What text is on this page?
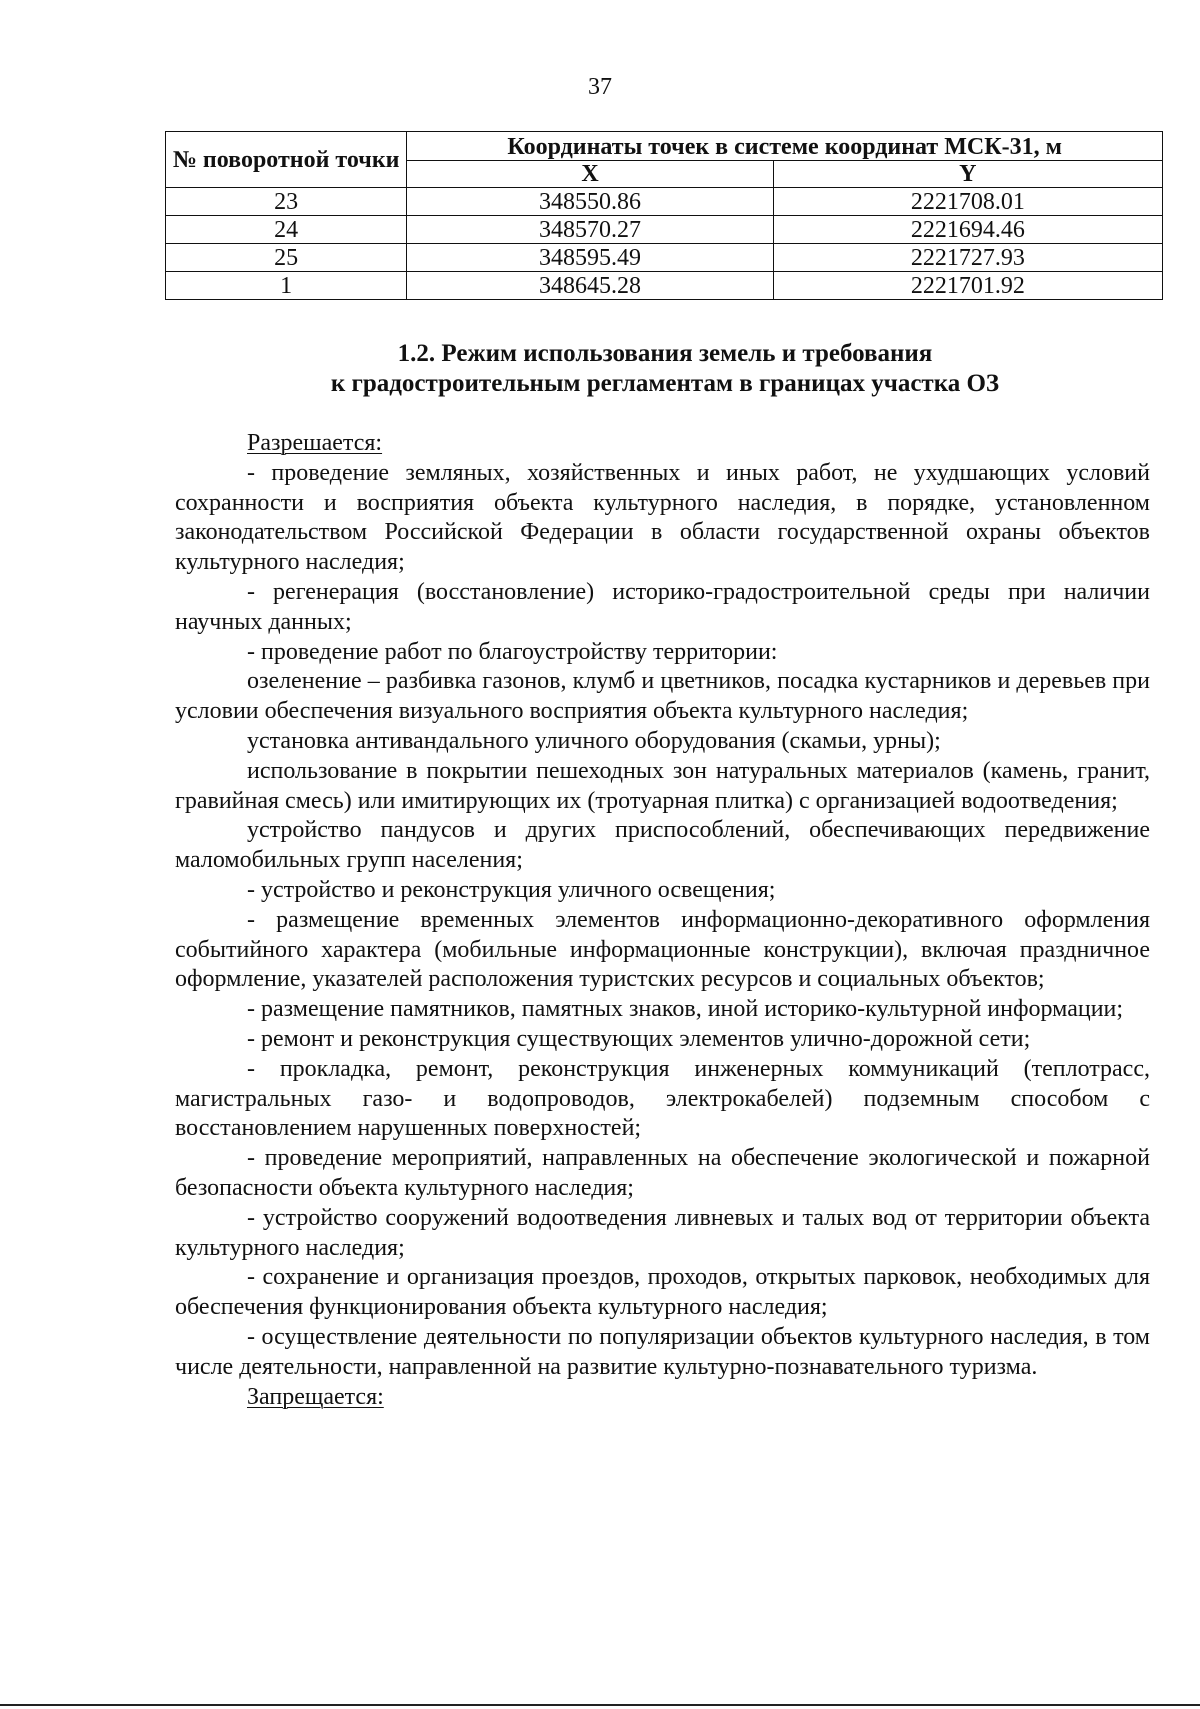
37
№ поворотной точки	Координаты точек в системе координат МСК-31, м	
	X	Y
23	348550.86	2221708.01
24	348570.27	2221694.46
25	348595.49	2221727.93
1	348645.28	2221701.92
1.2. Режим использования земель и требования
к градостроительным регламентам в границах участка ОЗ

Разрешается:

- проведение земляных, хозяйственных и иных работ, не ухудшающих условий сохранности и восприятия объекта культурного наследия, в порядке, установленном законодательством Российской Федерации в области государственной охраны объектов культурного наследия;

- регенерация (восстановление) историко-градостроительной среды при наличии научных данных;

- проведение работ по благоустройству территории:

озеленение – разбивка газонов, клумб и цветников, посадка кустарников и деревьев при условии обеспечения визуального восприятия объекта культурного наследия;

установка антивандального уличного оборудования (скамьи, урны);

использование в покрытии пешеходных зон натуральных материалов (камень, гранит, гравийная смесь) или имитирующих их (тротуарная плитка) с организацией водоотведения;

устройство пандусов и других приспособлений, обеспечивающих передвижение маломобильных групп населения;

- устройство и реконструкция уличного освещения;

- размещение временных элементов информационно-декоративного оформления событийного характера (мобильные информационные конструкции), включая праздничное оформление, указателей расположения туристских ресурсов и социальных объектов;

- размещение памятников, памятных знаков, иной историко-культурной информации;

- ремонт и реконструкция существующих элементов улично-дорожной сети;

- прокладка, ремонт, реконструкция инженерных коммуникаций (теплотрасс, магистральных газо- и водопроводов, электрокабелей) подземным способом с восстановлением нарушенных поверхностей;

- проведение мероприятий, направленных на обеспечение экологической и пожарной безопасности объекта культурного наследия;

- устройство сооружений водоотведения ливневых и талых вод от территории объекта культурного наследия;

- сохранение и организация проездов, проходов, открытых парковок, необходимых для обеспечения функционирования объекта культурного наследия;

- осуществление деятельности по популяризации объектов культурного наследия, в том числе деятельности, направленной на развитие культурно-познавательного туризма.

Запрещается:
